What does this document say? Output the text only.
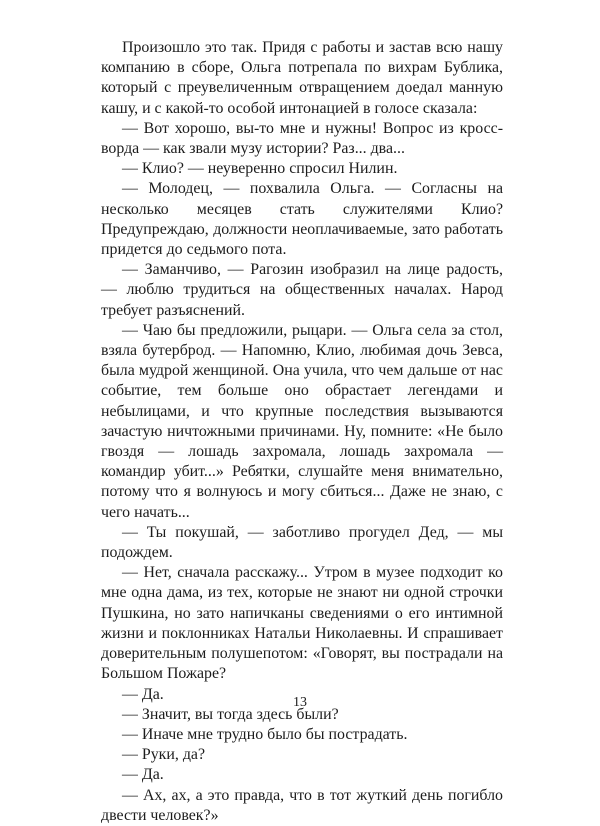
Произошло это так. Придя с работы и застав всю нашу компанию в сборе, Ольга потрепала по вихрам Бублика, который с преувеличенным отвращением доедал манную кашу, и с какой-то особой интонацией в голосе сказала:

— Вот хорошо, вы-то мне и нужны! Вопрос из кроссворда — как звали музу истории? Раз... два...

— Клио? — неуверенно спросил Нилин.

— Молодец, — похвалила Ольга. — Согласны на несколько месяцев стать служителями Клио? Предупреждаю, должности неоплачиваемые, зато работать придется до седьмого пота.

— Заманчиво, — Рагозин изобразил на лице радость, — люблю трудиться на общественных началах. Народ требует разъяснений.

— Чаю бы предложили, рыцари. — Ольга села за стол, взяла бутерброд. — Напомню, Клио, любимая дочь Зевса, была мудрой женщиной. Она учила, что чем дальше от нас событие, тем больше оно обрастает легендами и небылицами, и что крупные последствия вызываются зачастую ничтожными причинами. Ну, помните: «Не было гвоздя — лошадь захромала, лошадь захромала — командир убит...» Ребятки, слушайте меня внимательно, потому что я волнуюсь и могу сбиться... Даже не знаю, с чего начать...

— Ты покушай, — заботливо прогудел Дед, — мы подождем.

— Нет, сначала расскажу... Утром в музее подходит ко мне одна дама, из тех, которые не знают ни одной строчки Пушкина, но зато напичканы сведениями о его интимной жизни и поклонниках Натальи Николаевны. И спрашивает доверительным полушепотом: «Говорят, вы пострадали на Большом Пожаре?

— Да.

— Значит, вы тогда здесь были?

— Иначе мне трудно было бы пострадать.

— Руки, да?

— Да.

— Ах, ах, а это правда, что в тот жуткий день погибло двести человек?»

13
